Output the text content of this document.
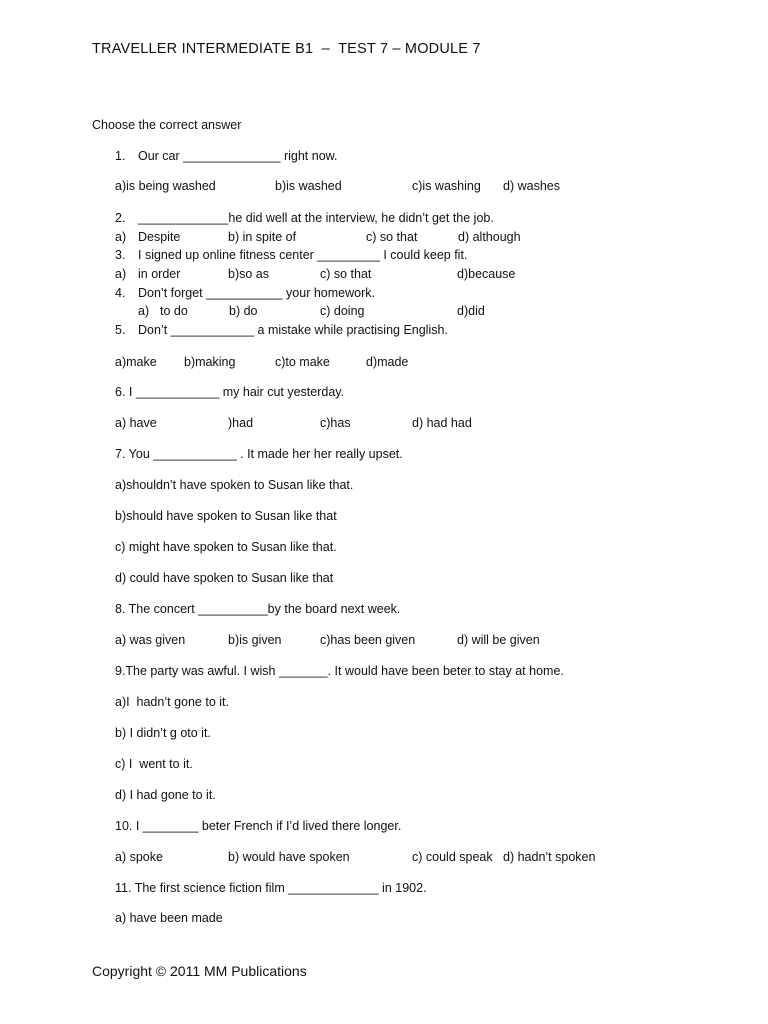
TRAVELLER INTERMEDIATE B1  –  TEST 7 – MODULE 7
Choose the correct answer
1. Our car ______________ right now.
a)is being washed	b)is washed	c)is washing d) washes
2. _____________he did well at the interview, he didn’t get the job.
a) Despite	b) in spite of	c) so that	d) although
3. I signed up online fitness center _________ I could keep fit.
a) in order	b)so as	c) so that	d)because
4. Don’t forget ___________ your homework.
a) to do	b) do	c) doing	d)did
5. Don’t ____________ a mistake while practising English.
a)make b)making	c)to make	d)made
6. I ____________ my hair cut yesterday.
a) have	)had	c)has	d) had had
7. You ____________ . It made her her really upset.
a)shouldn’t have spoken to Susan like that.
b)should have spoken to Susan like that
c) might have spoken to Susan like that.
d) could have spoken to Susan like that
8. The concert __________by the board next week.
a) was given	b)is given	c)has been given	d) will be given
9.The party was awful. I wish _______. It would have been beter to stay at home.
a)I  hadn’t gone to it.
b) I didn’t g oto it.
c) I  went to it.
d) I had gone to it.
10. I ________ beter French if I’d lived there longer.
a) spoke	b) would have spoken	c) could speak d) hadn’t spoken
11. The first science fiction film _____________ in 1902.
a) have been made
Copyright © 2011 MM Publications
